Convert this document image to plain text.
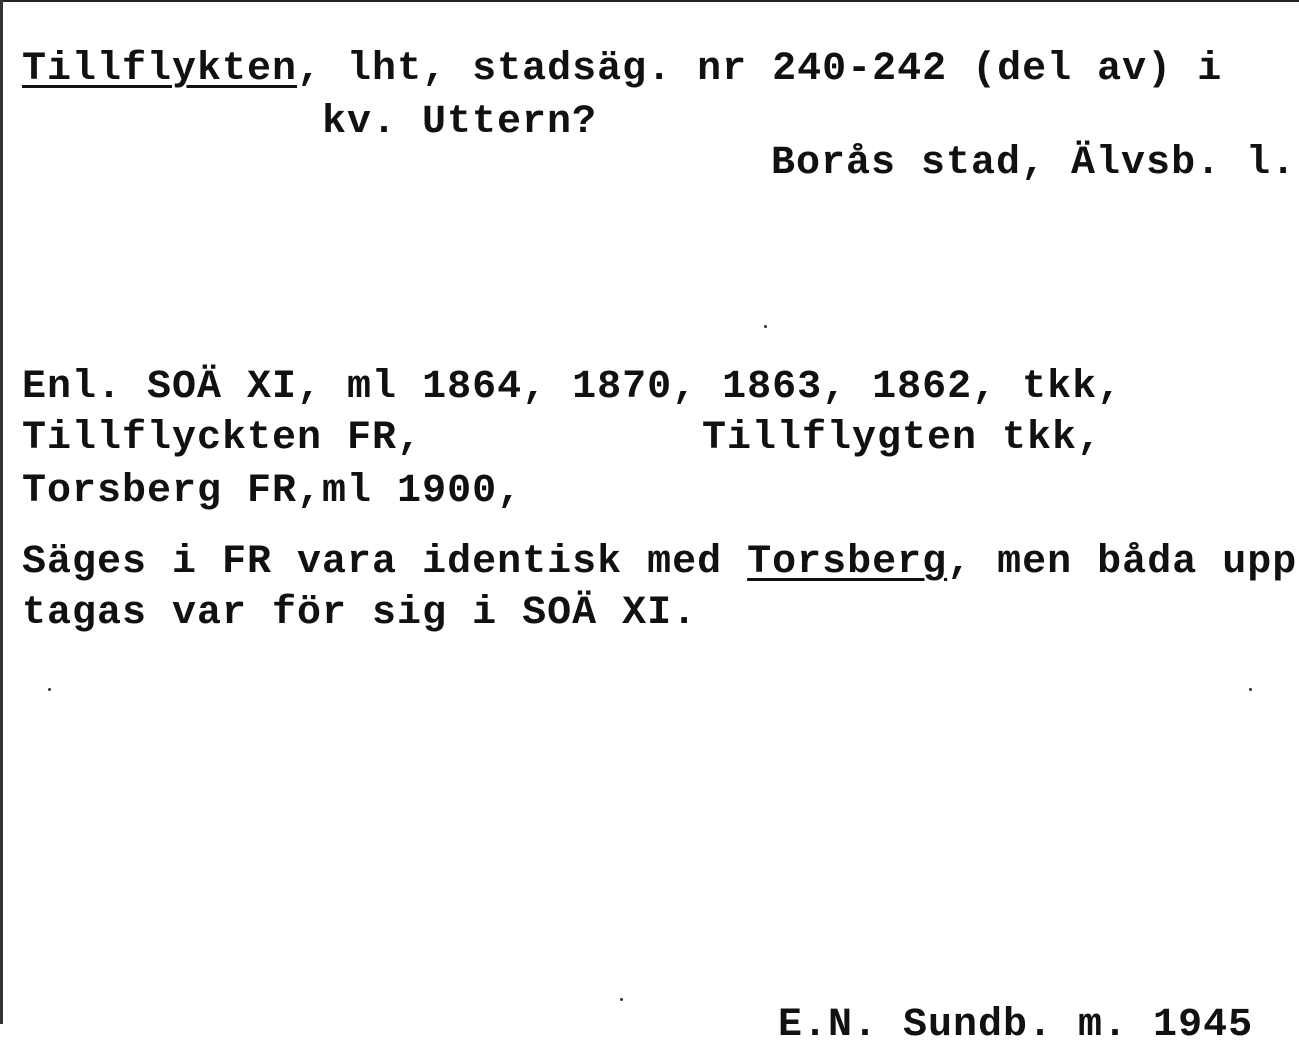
Tillflykten, lht, stadsäg. nr 240-242 (del av) i
kv. Uttern?
Borås stad, Älvsb. l.
Enl. SOÄ XI, ml 1864, 1870, 1863, 1862, tkk,
Tillflyckten FR,	Tillflygten tkk,
Torsberg FR,ml 1900,
Säges i FR vara identisk med Torsberg, men båda upp
tagas var för sig i SOÄ XI.
E.N. Sundb. m. 1945
